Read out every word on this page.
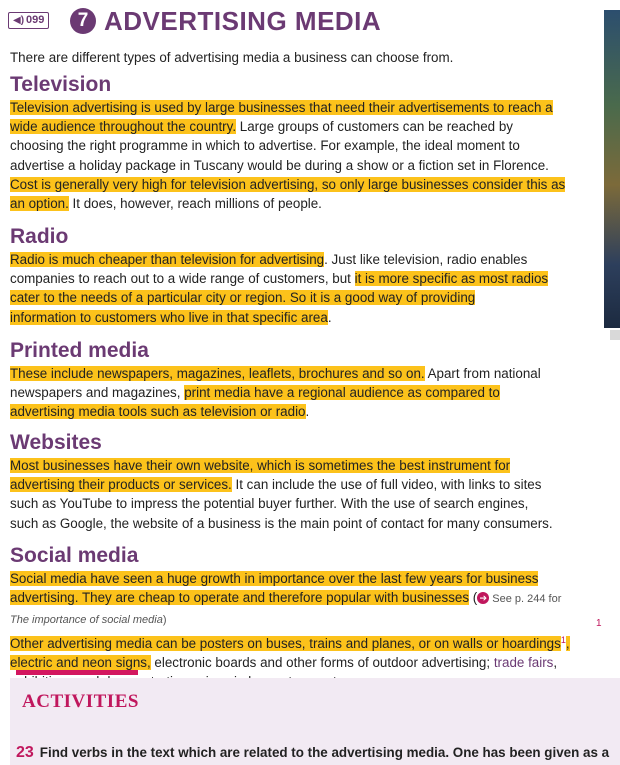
◀) 099	7 ADVERTISING MEDIA
There are different types of advertising media a business can choose from.
Television

Television advertising is used by large businesses that need their advertisements to reach a

wide audience throughout the country. Large groups of customers can be reached by

choosing the right programme in which to advertise. For example, the ideal moment to

advertise a holiday package in Tuscany would be during a show or a fiction set in Florence.

Cost is generally very high for television advertising, so only large businesses consider this as

an option. It does, however, reach millions of people.

Radio

Radio is much cheaper than television for advertising. Just like television, radio enables

companies to reach out to a wide range of customers, but it is more specific as most radios

cater to the needs of a particular city or region. So it is a good way of providing

information to customers who live in that specific area.

Printed media

These include newspapers, magazines, leaflets, brochures and so on. Apart from national

newspapers and magazines, print media have a regional audience as compared to

advertising media tools such as television or radio.

Websites

Most businesses have their own website, which is sometimes the best instrument for

advertising their products or services. It can include the use of full video, with links to sites

such as YouTube to impress the potential buyer further. With the use of search engines,

such as Google, the website of a business is the main point of contact for many consumers.

Social media

Social media have seen a huge growth in importance over the last few years for business

advertising. They are cheap to operate and therefore popular with businesses ( ➔ See p. 244 for

The importance of social media)

Other advertising media can be posters on buses, trains and planes, or on walls or hoardings$^1$,

electric and neon signs, electronic boards and other forms of outdoor advertising; trade fairs,

1
ACTIVITIES
23 Find verbs in the text which are related to the advertising media. One has been given as a
